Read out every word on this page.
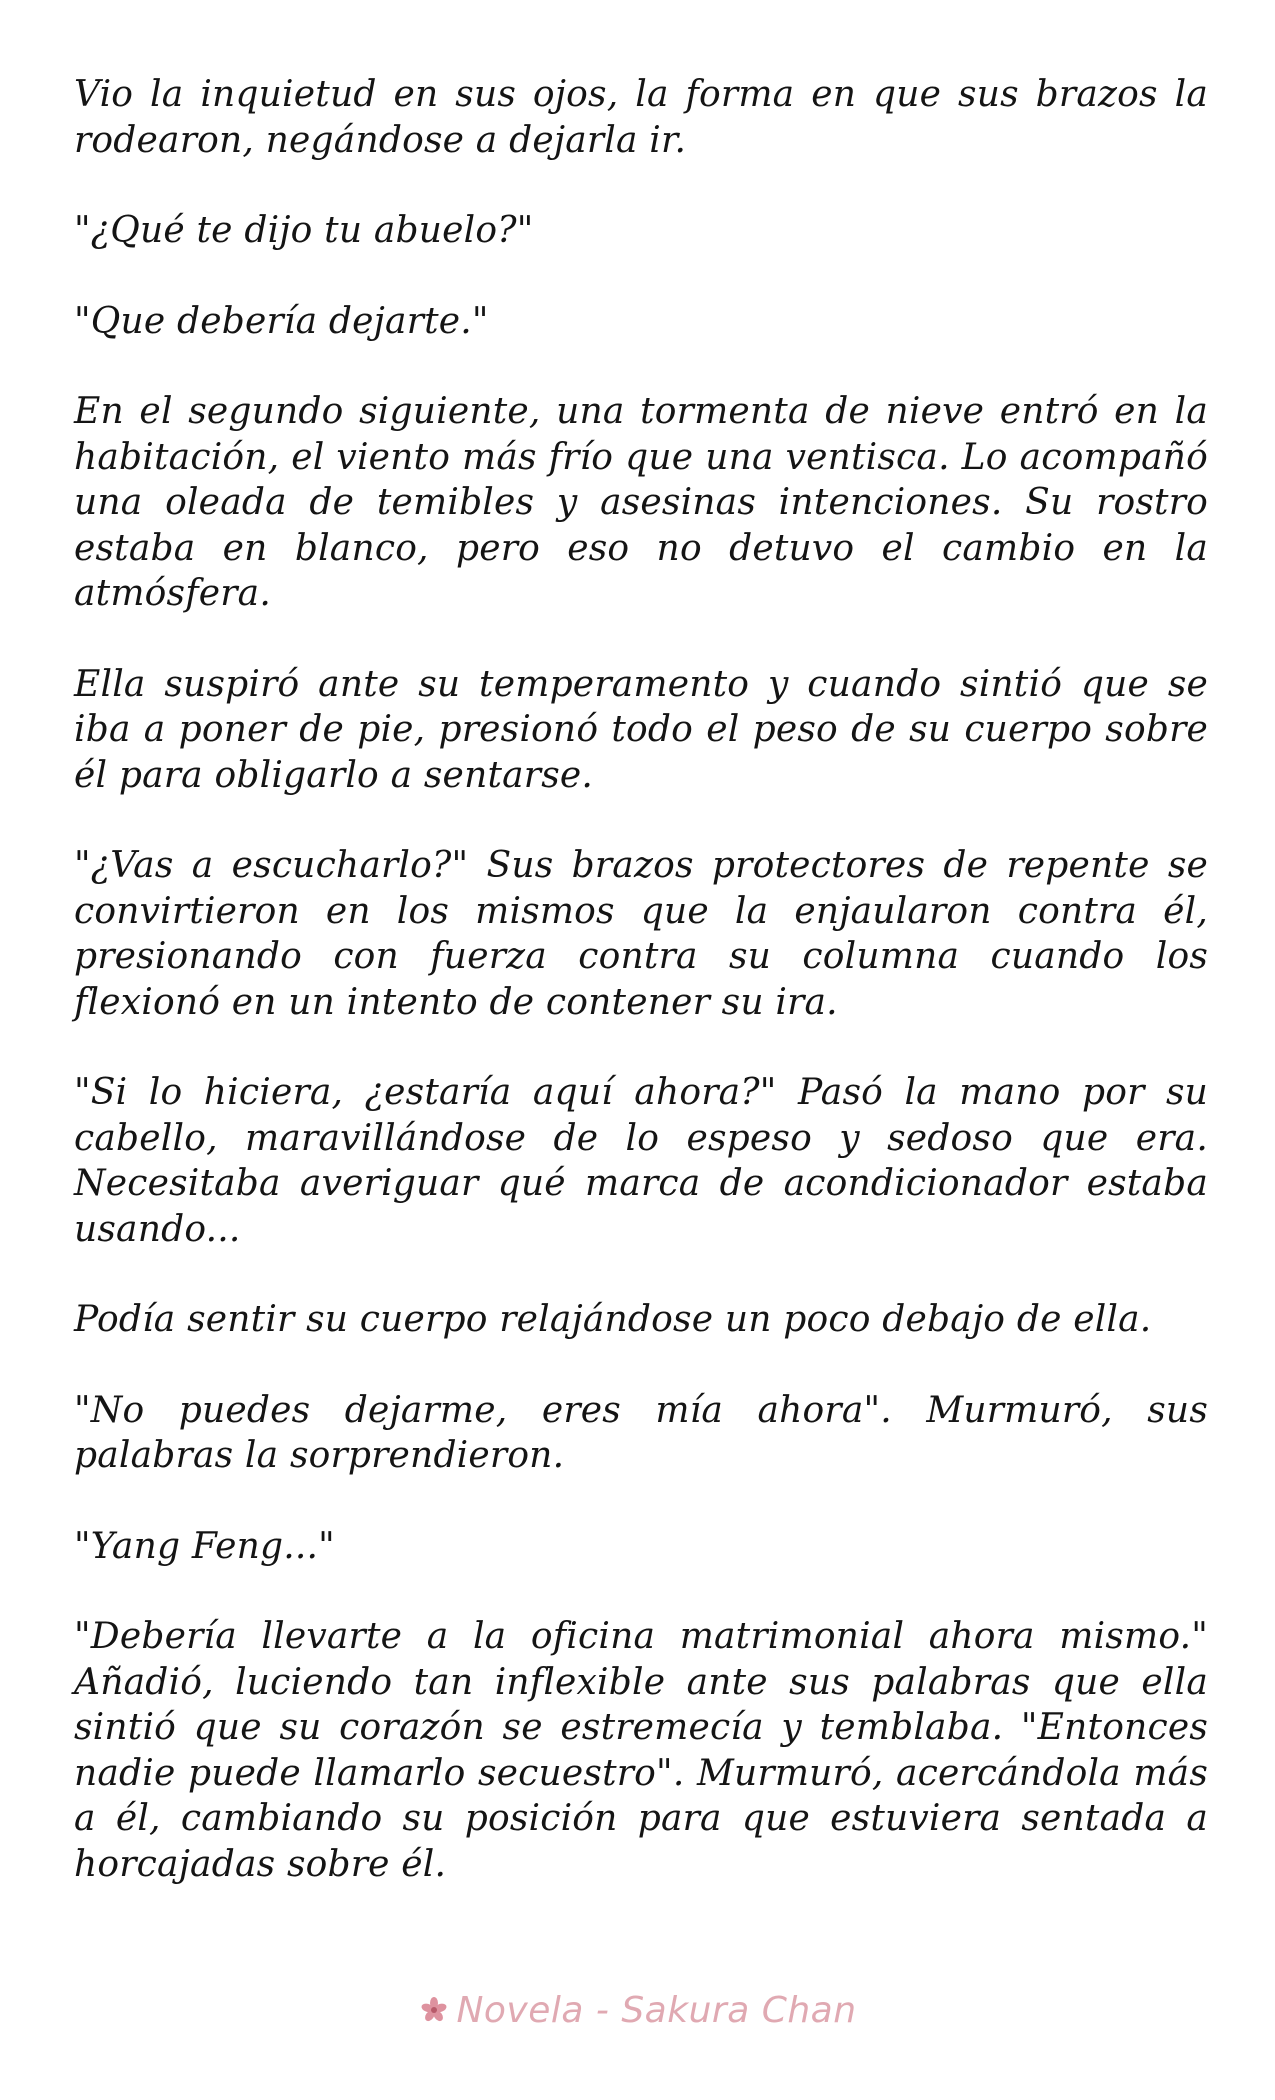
Vio la inquietud en sus ojos, la forma en que sus brazos la rodearon, negándose a dejarla ir.

"¿Qué te dijo tu abuelo?"

"Que debería dejarte."

En el segundo siguiente, una tormenta de nieve entró en la habitación, el viento más frío que una ventisca. Lo acompañó una oleada de temibles y asesinas intenciones. Su rostro estaba en blanco, pero eso no detuvo el cambio en la atmósfera.

Ella suspiró ante su temperamento y cuando sintió que se iba a poner de pie, presionó todo el peso de su cuerpo sobre él para obligarlo a sentarse.

"¿Vas a escucharlo?" Sus brazos protectores de repente se convirtieron en los mismos que la enjaularon contra él, presionando con fuerza contra su columna cuando los flexionó en un intento de contener su ira.

"Si lo hiciera, ¿estaría aquí ahora?" Pasó la mano por su cabello, maravillándose de lo espeso y sedoso que era. Necesitaba averiguar qué marca de acondicionador estaba usando...

Podía sentir su cuerpo relajándose un poco debajo de ella.

"No puedes dejarme, eres mía ahora". Murmuró, sus palabras la sorprendieron.

"Yang Feng..."

"Debería llevarte a la oficina matrimonial ahora mismo." Añadió, luciendo tan inflexible ante sus palabras que ella sintió que su corazón se estremecía y temblaba. "Entonces nadie puede llamarlo secuestro". Murmuró, acercándola más a él, cambiando su posición para que estuviera sentada a horcajadas sobre él.

Novela - Sakura Chan
